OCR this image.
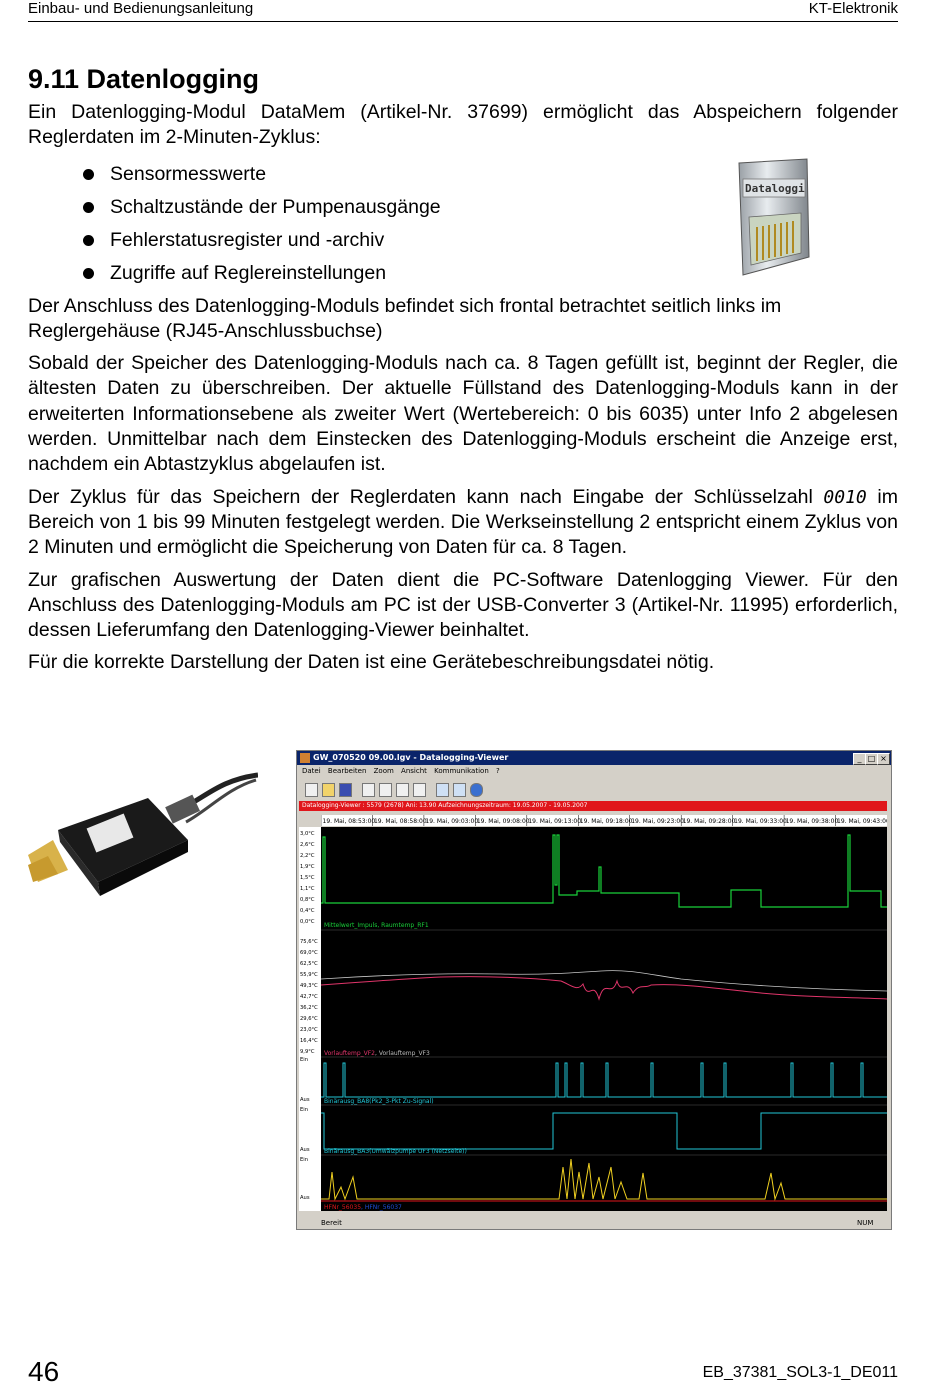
Einbau- und Bedienungsanleitung	KT-Elektronik
9.11 Datenlogging

Ein Datenlogging-Modul DataMem (Artikel-Nr. 37699) ermöglicht das Abspeichern folgender Reglerdaten im 2-Minuten-Zyklus:

Sensormesswerte
Schaltzustände der Pumpenausgänge
Fehlerstatusregister und -archiv
Zugriffe auf Reglereinstellungen

Der Anschluss des Datenlogging-Moduls befindet sich frontal betrachtet seitlich links im Reglergehäuse (RJ45-Anschlussbuchse)

Sobald der Speicher des Datenlogging-Moduls nach ca. 8 Tagen gefüllt ist, beginnt der Regler, die ältesten Daten zu überschreiben. Der aktuelle Füllstand des Datenlogging-Moduls kann in der erweiterten Informationsebene als zweiter Wert (Wertebereich: 0 bis 6035) unter Info 2 abgelesen werden. Unmittelbar nach dem Einstecken des Datenlogging-Moduls erscheint die Anzeige erst, nachdem ein Abtastzyklus abgelaufen ist.

Der Zyklus für das Speichern der Reglerdaten kann nach Eingabe der Schlüsselzahl 0010 im Bereich von 1 bis 99 Minuten festgelegt werden. Die Werkseinstellung 2 entspricht einem Zyklus von 2 Minuten und ermöglicht die Speicherung von Daten für ca. 8 Tagen.

Zur grafischen Auswertung der Daten dient die PC-Software Datenlogging Viewer. Für den Anschluss des Datenlogging-Moduls am PC ist der USB-Converter 3 (Artikel-Nr. 11995) erforderlich, dessen Lieferumfang den Datenlogging-Viewer beinhaltet.

Für die korrekte Darstellung der Daten ist eine Gerätebeschreibungsdatei nötig.

Dataloggi
GW_070520 09.00.lgv - Datalogging-Viewer	_ □ ×
Datei Bearbeiten Zoom Ansicht Kommunikation ?
Datalogging-Viewer : 5579 (2678) Ani: 13.90 Aufzeichnungszeitraum: 19.05.2007 - 19.05.2007
19. Mai, 08:53:00
19. Mai, 08:58:00
19. Mai, 09:03:00
19. Mai, 09:08:00
19. Mai, 09:13:00
19. Mai, 09:18:00
19. Mai, 09:23:00
19. Mai, 09:28:00
19. Mai, 09:33:00
19. Mai, 09:38:00
19. Mai, 09:43:00
3,0°C
2,6°C
2,2°C
1,9°C
1,5°C
1,1°C
0,8°C
0,4°C
0,0°C
75,6°C
69,0°C
62,5°C
55,9°C
49,3°C
42,7°C
36,2°C
29,6°C
23,0°C
16,4°C
9,9°C
Ein
Aus
Ein
Aus
Ein
Aus
Mittelwert_Impuls, Raumtemp_RF1
Vorlauftemp_VF2, Vorlauftemp_VF3
Binärausg_BA8(Pk2_3-Pkt Zu-Signal)
Binärausg_BA3(Umwälzpumpe UF3 (Netzseite))
HFNr_56035, HFNr_56037
Bereit	NUM
46	EB_37381_SOL3-1_DE011
